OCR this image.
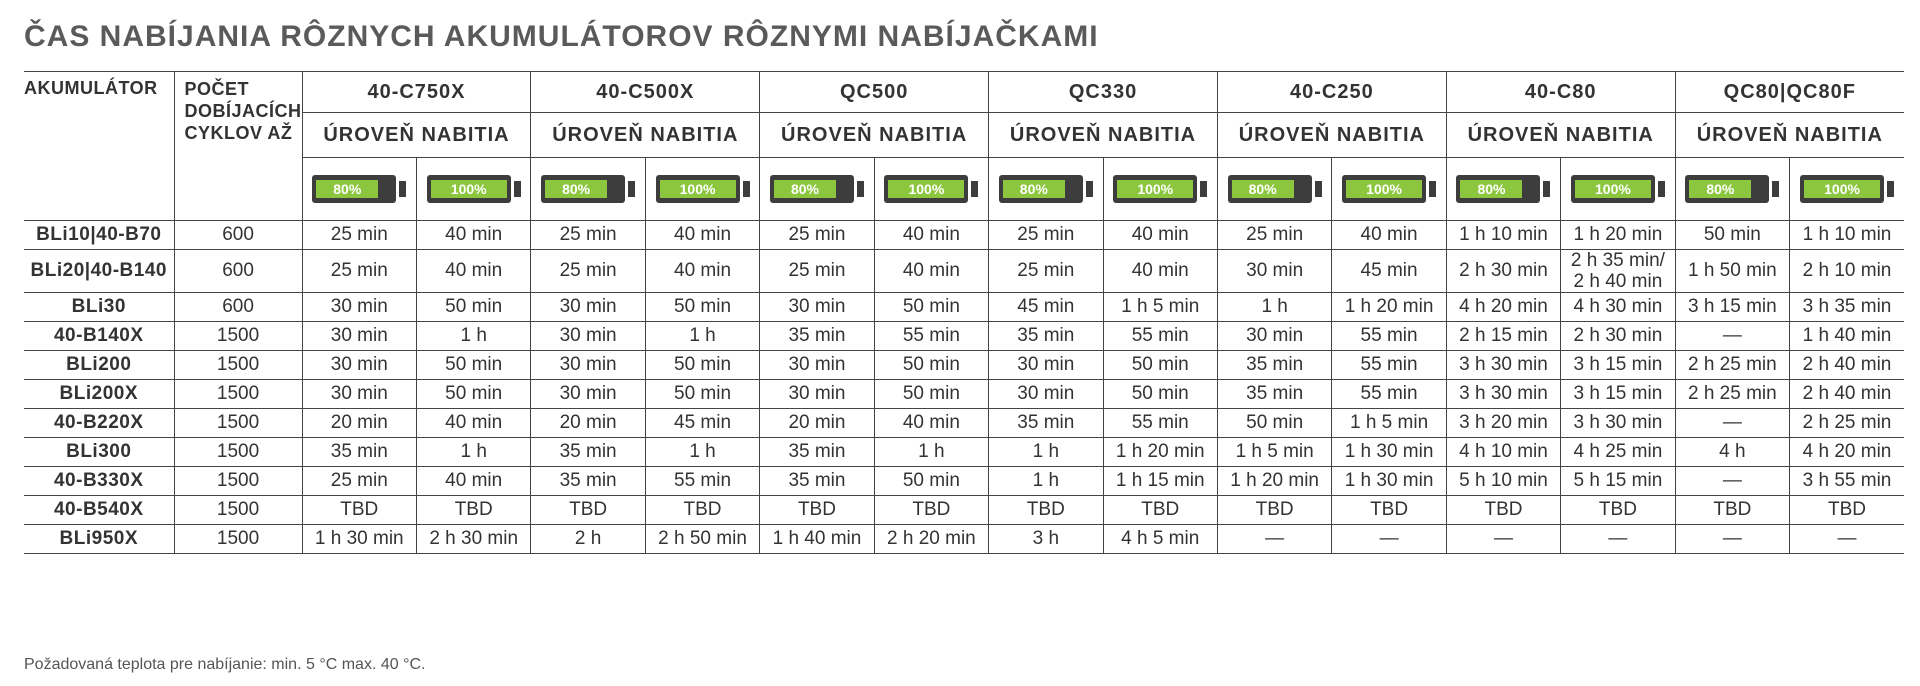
ČAS NABÍJANIA RÔZNYCH AKUMULÁTOROV RÔZNYMI NABÍJAČKAMI
AKUMULÁTOR	POČET
DOBÍJACÍCH
CYKLOV AŽ	40-C750X		40-C500X		QC500		QC330		40-C250		40-C80		QC80|QC80F	
		ÚROVEŇ NABITIA		ÚROVEŇ NABITIA		ÚROVEŇ NABITIA		ÚROVEŇ NABITIA		ÚROVEŇ NABITIA		ÚROVEŇ NABITIA		ÚROVEŇ NABITIA	

80%	100%	80%	100%	80%	100%	80%	100%	80%	100%	80%	100%	80%	100%

BLi10|40-B70	600	25 min	40 min	25 min	40 min	25 min	40 min	25 min	40 min	25 min	40 min	1 h 10 min	1 h 20 min	50 min	1 h 10 min
BLi20|40-B140	600	25 min	40 min	25 min	40 min	25 min	40 min	25 min	40 min	30 min	45 min	2 h 30 min	2 h 35 min/
2 h 40 min	1 h 50 min	2 h 10 min
BLi30	600	30 min	50 min	30 min	50 min	30 min	50 min	45 min	1 h 5 min	1 h	1 h 20 min	4 h 20 min	4 h 30 min	3 h 15 min	3 h 35 min
40-B140X	1500	30 min	1 h	30 min	1 h	35 min	55 min	35 min	55 min	30 min	55 min	2 h 15 min	2 h 30 min	—	1 h 40 min
BLi200	1500	30 min	50 min	30 min	50 min	30 min	50 min	30 min	50 min	35 min	55 min	3 h 30 min	3 h 15 min	2 h 25 min	2 h 40 min
BLi200X	1500	30 min	50 min	30 min	50 min	30 min	50 min	30 min	50 min	35 min	55 min	3 h 30 min	3 h 15 min	2 h 25 min	2 h 40 min
40-B220X	1500	20 min	40 min	20 min	45 min	20 min	40 min	35 min	55 min	50 min	1 h 5 min	3 h 20 min	3 h 30 min	—	2 h 25 min
BLi300	1500	35 min	1 h	35 min	1 h	35 min	1 h	1 h	1 h 20 min	1 h 5 min	1 h 30 min	4 h 10 min	4 h 25 min	4 h	4 h 20 min
40-B330X	1500	25 min	40 min	35 min	55 min	35 min	50 min	1 h	1 h 15 min	1 h 20 min	1 h 30 min	5 h 10 min	5 h 15 min	—	3 h 55 min
40-B540X	1500	TBD	TBD	TBD	TBD	TBD	TBD	TBD	TBD	TBD	TBD	TBD	TBD	TBD	TBD
BLi950X	1500	1 h 30 min	2 h 30 min	2 h	2 h 50 min	1 h 40 min	2 h 20 min	3 h	4 h 5 min	—	—	—	—	—	—
Požadovaná teplota pre nabíjanie: min. 5 °C max. 40 °C.
